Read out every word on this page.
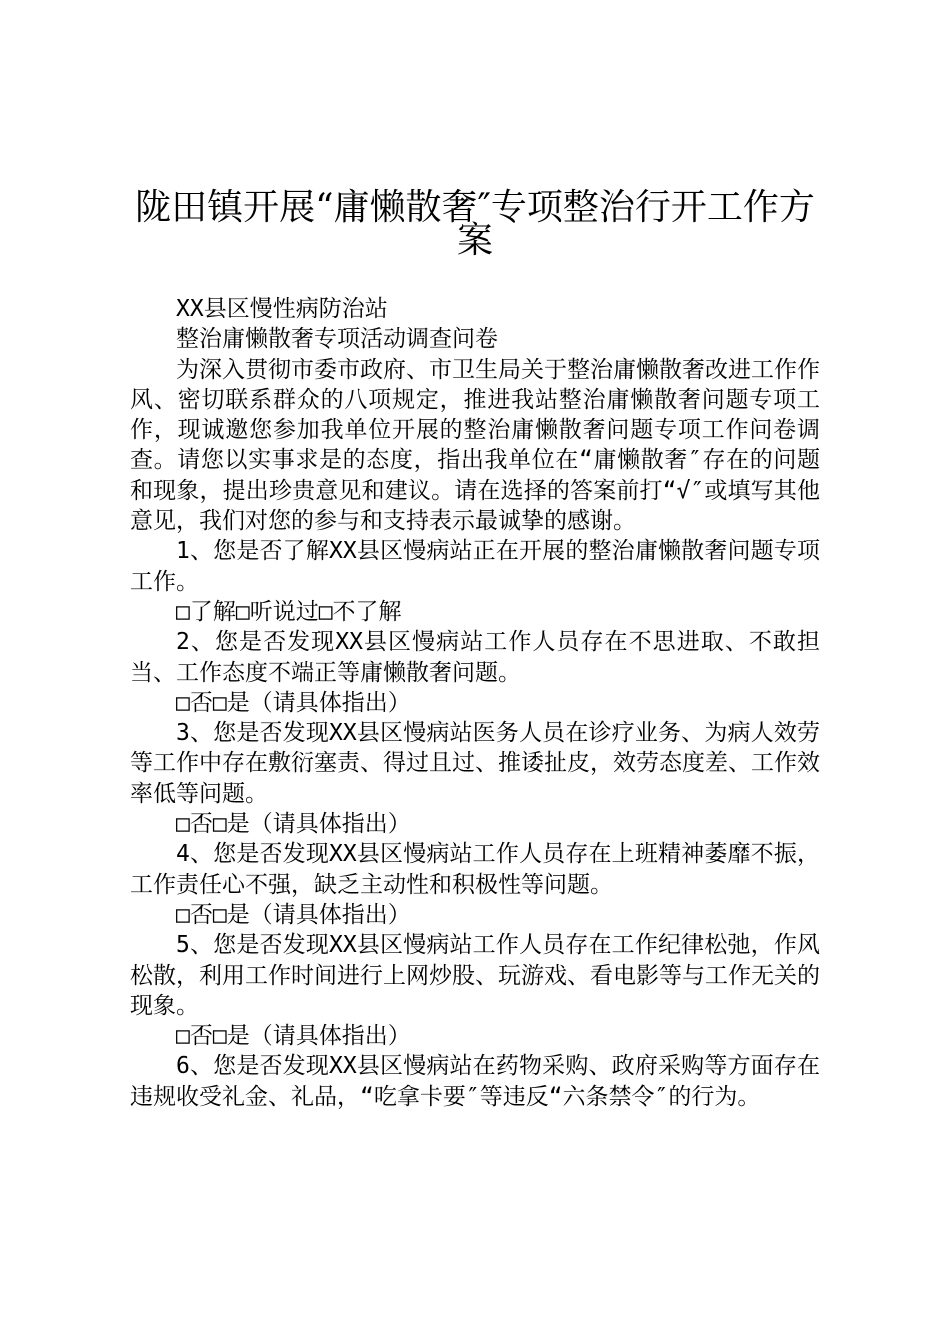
陇田镇开展“庸懒散奢″专项整治行开工作方
案

XX县区慢性病防治站

整治庸懒散奢专项活动调查问卷

为深入贯彻市委市政府、市卫生局关于整治庸懒散奢改进工作作风、密切联系群众的八项规定，推进我站整治庸懒散奢问题专项工作，现诚邀您参加我单位开展的整治庸懒散奢问题专项工作问卷调查。请您以实事求是的态度，指出我单位在“庸懒散奢″存在的问题和现象，提出珍贵意见和建议。请在选择的答案前打“√″或填写其他意见，我们对您的参与和支持表示最诚挚的感谢。

1、您是否了解XX县区慢病站正在开展的整治庸懒散奢问题专项工作。

□了解□听说过□不了解

2、您是否发现XX县区慢病站工作人员存在不思进取、不敢担当、工作态度不端正等庸懒散奢问题。

□否□是（请具体指出）

3、您是否发现XX县区慢病站医务人员在诊疗业务、为病人效劳等工作中存在敷衍塞责、得过且过、推诿扯皮，效劳态度差、工作效率低等问题。

□否□是（请具体指出）

4、您是否发现XX县区慢病站工作人员存在上班精神萎靡不振，工作责任心不强，缺乏主动性和积极性等问题。

□否□是（请具体指出）

5、您是否发现XX县区慢病站工作人员存在工作纪律松弛，作风松散，利用工作时间进行上网炒股、玩游戏、看电影等与工作无关的现象。

□否□是（请具体指出）

6、您是否发现XX县区慢病站在药物采购、政府采购等方面存在违规收受礼金、礼品，“吃拿卡要″等违反“六条禁令″的行为。
